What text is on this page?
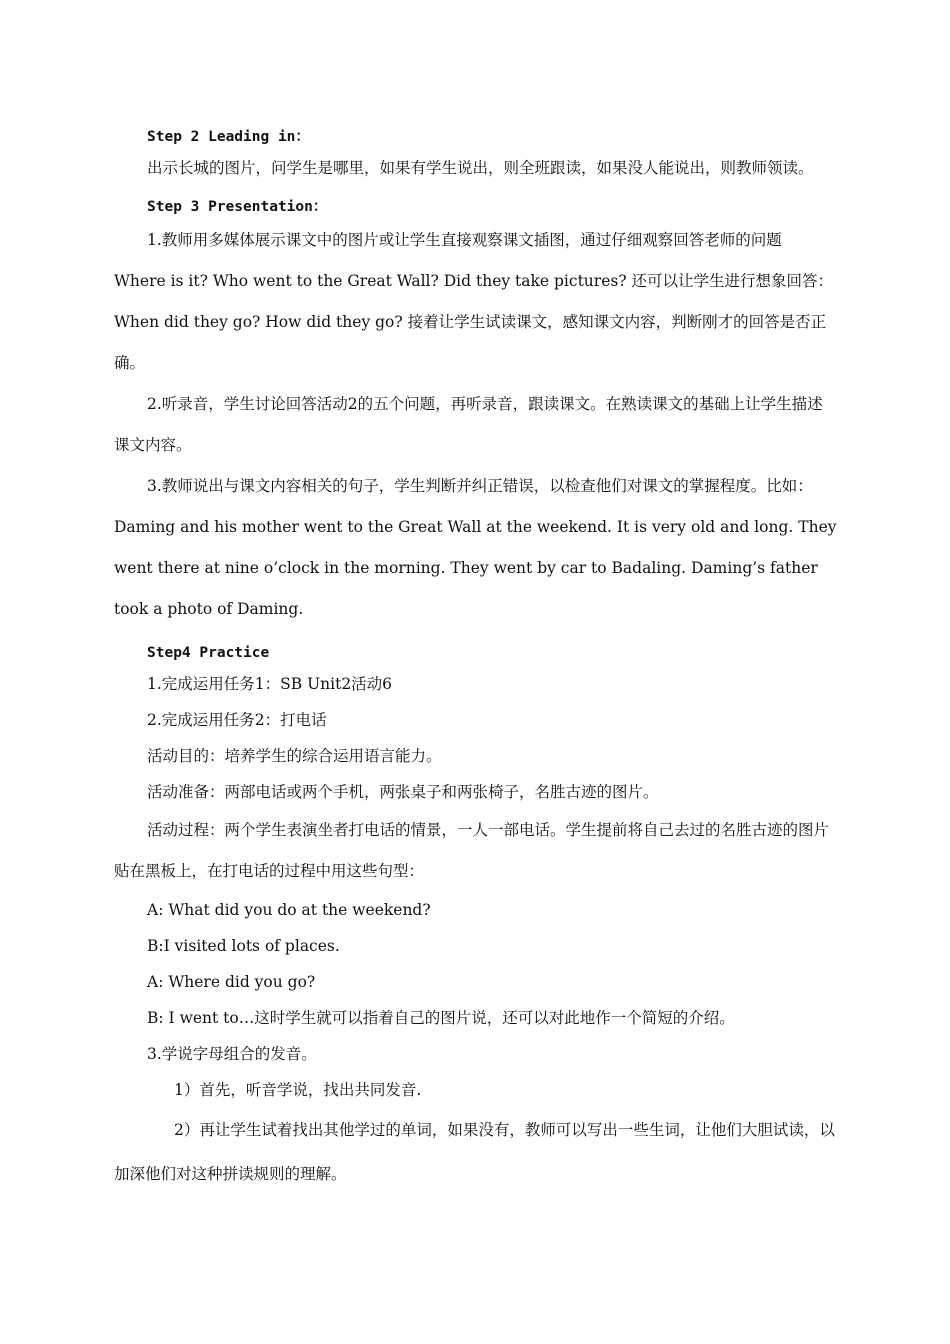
Step 2 Leading in：

出示长城的图片，问学生是哪里，如果有学生说出，则全班跟读，如果没人能说出，则教师领读。

Step 3 Presentation：

1.教师用多媒体展示课文中的图片或让学生直接观察课文插图，通过仔细观察回答老师的问题 Where is it? Who went to the Great Wall? Did they take pictures? 还可以让学生进行想象回答：When did they go? How did they go? 接着让学生试读课文，感知课文内容，判断刚才的回答是否正确。

2.听录音，学生讨论回答活动2的五个问题，再听录音，跟读课文。在熟读课文的基础上让学生描述课文内容。

3.教师说出与课文内容相关的句子，学生判断并纠正错误，以检查他们对课文的掌握程度。比如：Daming and his mother went to the Great Wall at the weekend. It is very old and long. They went there at nine o’clock in the morning. They went by car to Badaling. Daming’s father took a photo of Daming.

Step4 Practice

1.完成运用任务1：SB Unit2活动6

2.完成运用任务2：打电话

活动目的：培养学生的综合运用语言能力。

活动准备：两部电话或两个手机，两张桌子和两张椅子，名胜古迹的图片。

活动过程：两个学生表演坐者打电话的情景，一人一部电话。学生提前将自己去过的名胜古迹的图片贴在黑板上，在打电话的过程中用这些句型：

A: What did you do at the weekend?

B:I visited lots of places.

A: Where did you go?

B: I went to…这时学生就可以指着自己的图片说，还可以对此地作一个简短的介绍。

3.学说字母组合的发音。

1）首先，听音学说，找出共同发音.

2）再让学生试着找出其他学过的单词，如果没有，教师可以写出一些生词，让他们大胆试读，以加深他们对这种拼读规则的理解。
